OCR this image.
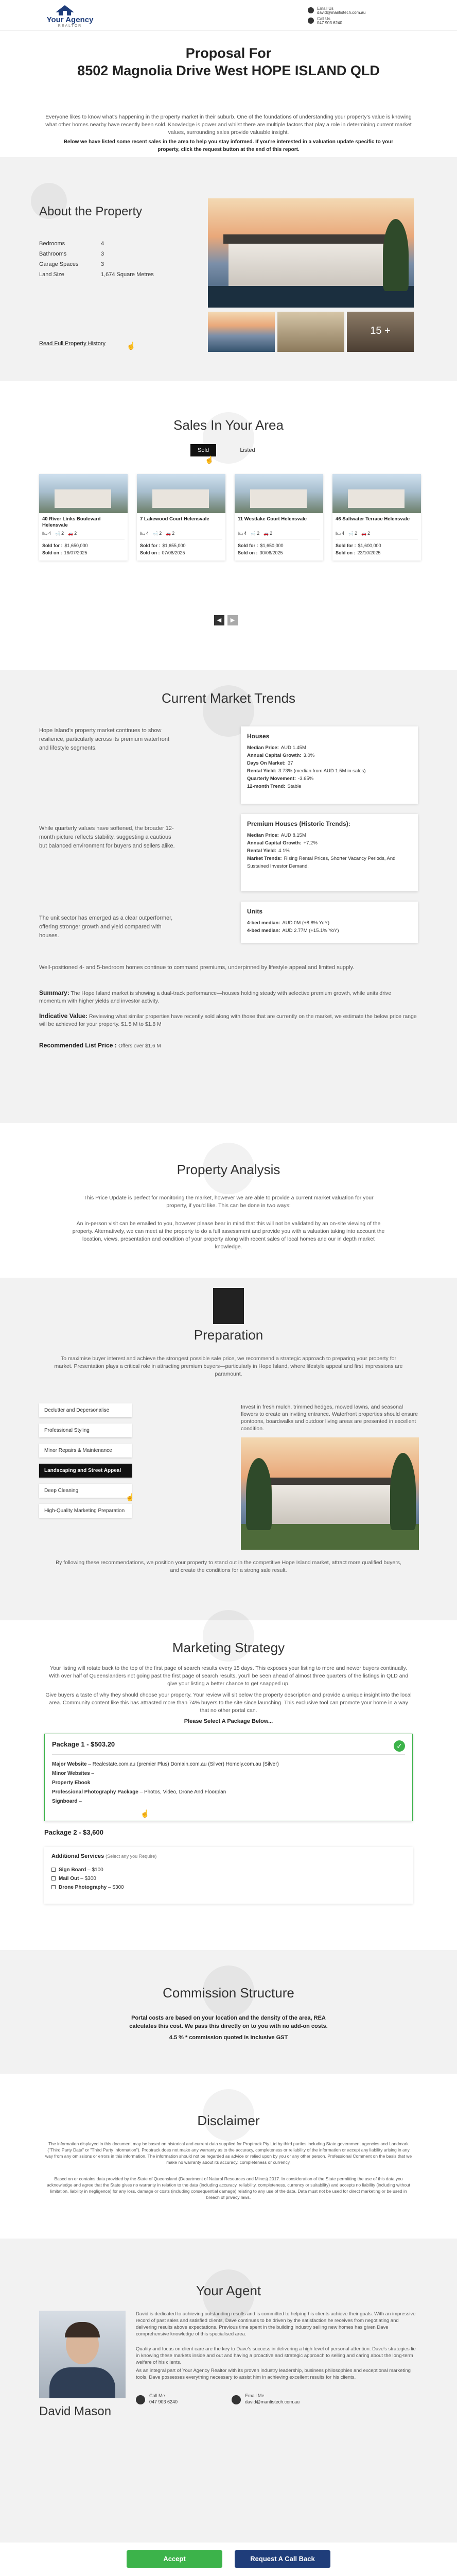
Your Agency
REALTOR
Email Us
david@mantistech.com.au
Call Us
047 903 6240
Proposal For
8502 Magnolia Drive West HOPE ISLAND QLD
Everyone likes to know what's happening in the property market in their suburb. One of the foundations of understanding your property's value is knowing what other homes nearby have recently been sold. Knowledge is power and whilst there are multiple factors that play a role in determining current market values, surrounding sales provide valuable insight.
Below we have listed some recent sales in the area to help you stay informed. If you're interested in a valuation update specific to your property, click the request button at the end of this report.
About the Property
Bedrooms	4
Bathrooms	3
Garage Spaces	3
Land Size	1,674 Square Metres
Read Full Property History	☝
15 +
Sales In Your Area
Sold	Listed
☝
40 River Links Boulevard Helensvale
🛏 4 🛁 2 🚗 2
Sold for : $1,650,000
Sold on : 16/07/2025
7 Lakewood Court Helensvale
🛏 4 🛁 2 🚗 2
Sold for : $1,655,000
Sold on : 07/08/2025
11 Westlake Court Helensvale
🛏 4 🛁 2 🚗 2
Sold for : $1,650,000
Sold on : 30/06/2025
46 Saltwater Terrace Helensvale
🛏 4 🛁 2 🚗 2
Sold for : $1,600,000
Sold on : 23/10/2025
◀	▶
Current Market Trends
Hope Island's property market continues to show resilience, particularly across its premium waterfront and lifestyle segments.
While quarterly values have softened, the broader 12-month picture reflects stability, suggesting a cautious but balanced environment for buyers and sellers alike.
The unit sector has emerged as a clear outperformer, offering stronger growth and yield compared with houses.
Houses
Median Price: AUD 1.45M
Annual Capital Growth: 3.0%
Days On Market: 37
Rental Yield: 3.73% (median from AUD 1.5M in sales)
Quarterly Movement: -3.65%
12-month Trend: Stable
Premium Houses (Historic Trends):
Median Price: AUD 8.15M
Annual Capital Growth: +7.2%
Rental Yield: 4.1%
Market Trends: Rising Rental Prices, Shorter Vacancy Periods, And Sustained Investor Demand.
Units
4-bed median: AUD 0M (+8.8% YoY)
4-bed median: AUD 2.77M (+15.1% YoY)
Well-positioned 4- and 5-bedroom homes continue to command premiums, underpinned by lifestyle appeal and limited supply.
Summary: The Hope Island market is showing a dual-track performance—houses holding steady with selective premium growth, while units drive momentum with higher yields and investor activity.
Indicative Value: Reviewing what similar properties have recently sold along with those that are currently on the market, we estimate the below price range will be achieved for your property. $1.5 M to $1.8 M
Recommended List Price : Offers over $1.6 M
Property Analysis
This Price Update is perfect for monitoring the market, however we are able to provide a current market valuation for your property, if you'd like. This can be done in two ways:
An in-person visit can be emailed to you, however please bear in mind that this will not be validated by an on-site viewing of the property. Alternatively, we can meet at the property to do a full assessment and provide you with a valuation taking into account the location, views, presentation and condition of your property along with recent sales of local homes and our in depth market knowledge.
Preparation
To maximise buyer interest and achieve the strongest possible sale price, we recommend a strategic approach to preparing your property for market. Presentation plays a critical role in attracting premium buyers—particularly in Hope Island, where lifestyle appeal and first impressions are paramount.
Declutter and Depersonalise
Professional Styling
Minor Repairs & Maintenance
Landscaping and Street Appeal
Deep Cleaning
High-Quality Marketing Preparation
Invest in fresh mulch, trimmed hedges, mowed lawns, and seasonal flowers to create an inviting entrance. Waterfront properties should ensure pontoons, boardwalks and outdoor living areas are presented in excellent condition.
☝
By following these recommendations, we position your property to stand out in the competitive Hope Island market, attract more qualified buyers, and create the conditions for a strong sale result.
Marketing Strategy
Your listing will rotate back to the top of the first page of search results every 15 days. This exposes your listing to more and newer buyers continually. With over half of Queenslanders not going past the first page of search results, you'll be seen ahead of almost three quarters of the listings in QLD and give your listing a better chance to get snapped up.
Give buyers a taste of why they should choose your property. Your review will sit below the property description and provide a unique insight into the local area. Community content like this has attracted more than 74% buyers to the site since launching. This exclusive tool can promote your home in a way that no other portal can.
Please Select A Package Below...
Package 1 - $503.20
Major Website – Realestate.com.au (premier Plus) Domain.com.au (Silver) Homely.com.au (Silver)
Minor Websites –
Property Ebook
Professional Photography Package – Photos, Video, Drone And Floorplan
Signboard –
✓
☝
Package 2 - $3,600
Additional Services (Select any you Require)
Sign Board – $100
Mail Out – $300
Drone Photography – $300
Commission Structure
Portal costs are based on your location and the density of the area, REA calculates this cost. We pass this directly on to you with no add-on costs.
4.5 % * commission quoted is inclusive GST
Disclaimer
The information displayed in this document may be based on historical and current data supplied for Proptrack Pty Ltd by third parties including State government agencies and Landmark ("Third Party Data" or "Third Party Information"). Proptrack does not make any warranty as to the accuracy, completeness or reliability of the information or accept any liability arising in any way from any omissions or errors in this information. The information should not be regarded as advice or relied upon by you or any other person. Professional Comment on the basis that we make no warranty about its accuracy, completeness or currency.
Based on or contains data provided by the State of Queensland (Department of Natural Resources and Mines) 2017. In consideration of the State permitting the use of this data you acknowledge and agree that the State gives no warranty in relation to the data (including accuracy, reliability, completeness, currency or suitability) and accepts no liability (including without limitation, liability in negligence) for any loss, damage or costs (including consequential damage) relating to any use of the data. Data must not be used for direct marketing or be used in breach of privacy laws.
Your Agent
David Mason
David is dedicated to achieving outstanding results and is committed to helping his clients achieve their goals. With an impressive record of past sales and satisfied clients, Dave continues to be driven by the satisfaction he receives from negotiating and delivering results above expectations. Previous time spent in the building industry selling new homes has given Dave comprehensive knowledge of this specialised area.
Quality and focus on client care are the key to Dave's success in delivering a high level of personal attention. Dave's strategies lie in knowing these markets inside and out and having a proactive and strategic approach to selling and caring about the long-term welfare of his clients.
As an integral part of Your Agency Realtor with its proven industry leadership, business philosophies and exceptional marketing tools, Dave possesses everything necessary to assist him in achieving excellent results for his clients.
Call Me
047 903 6240
Email Me
david@mantistech.com.au
Accept	Request A Call Back
